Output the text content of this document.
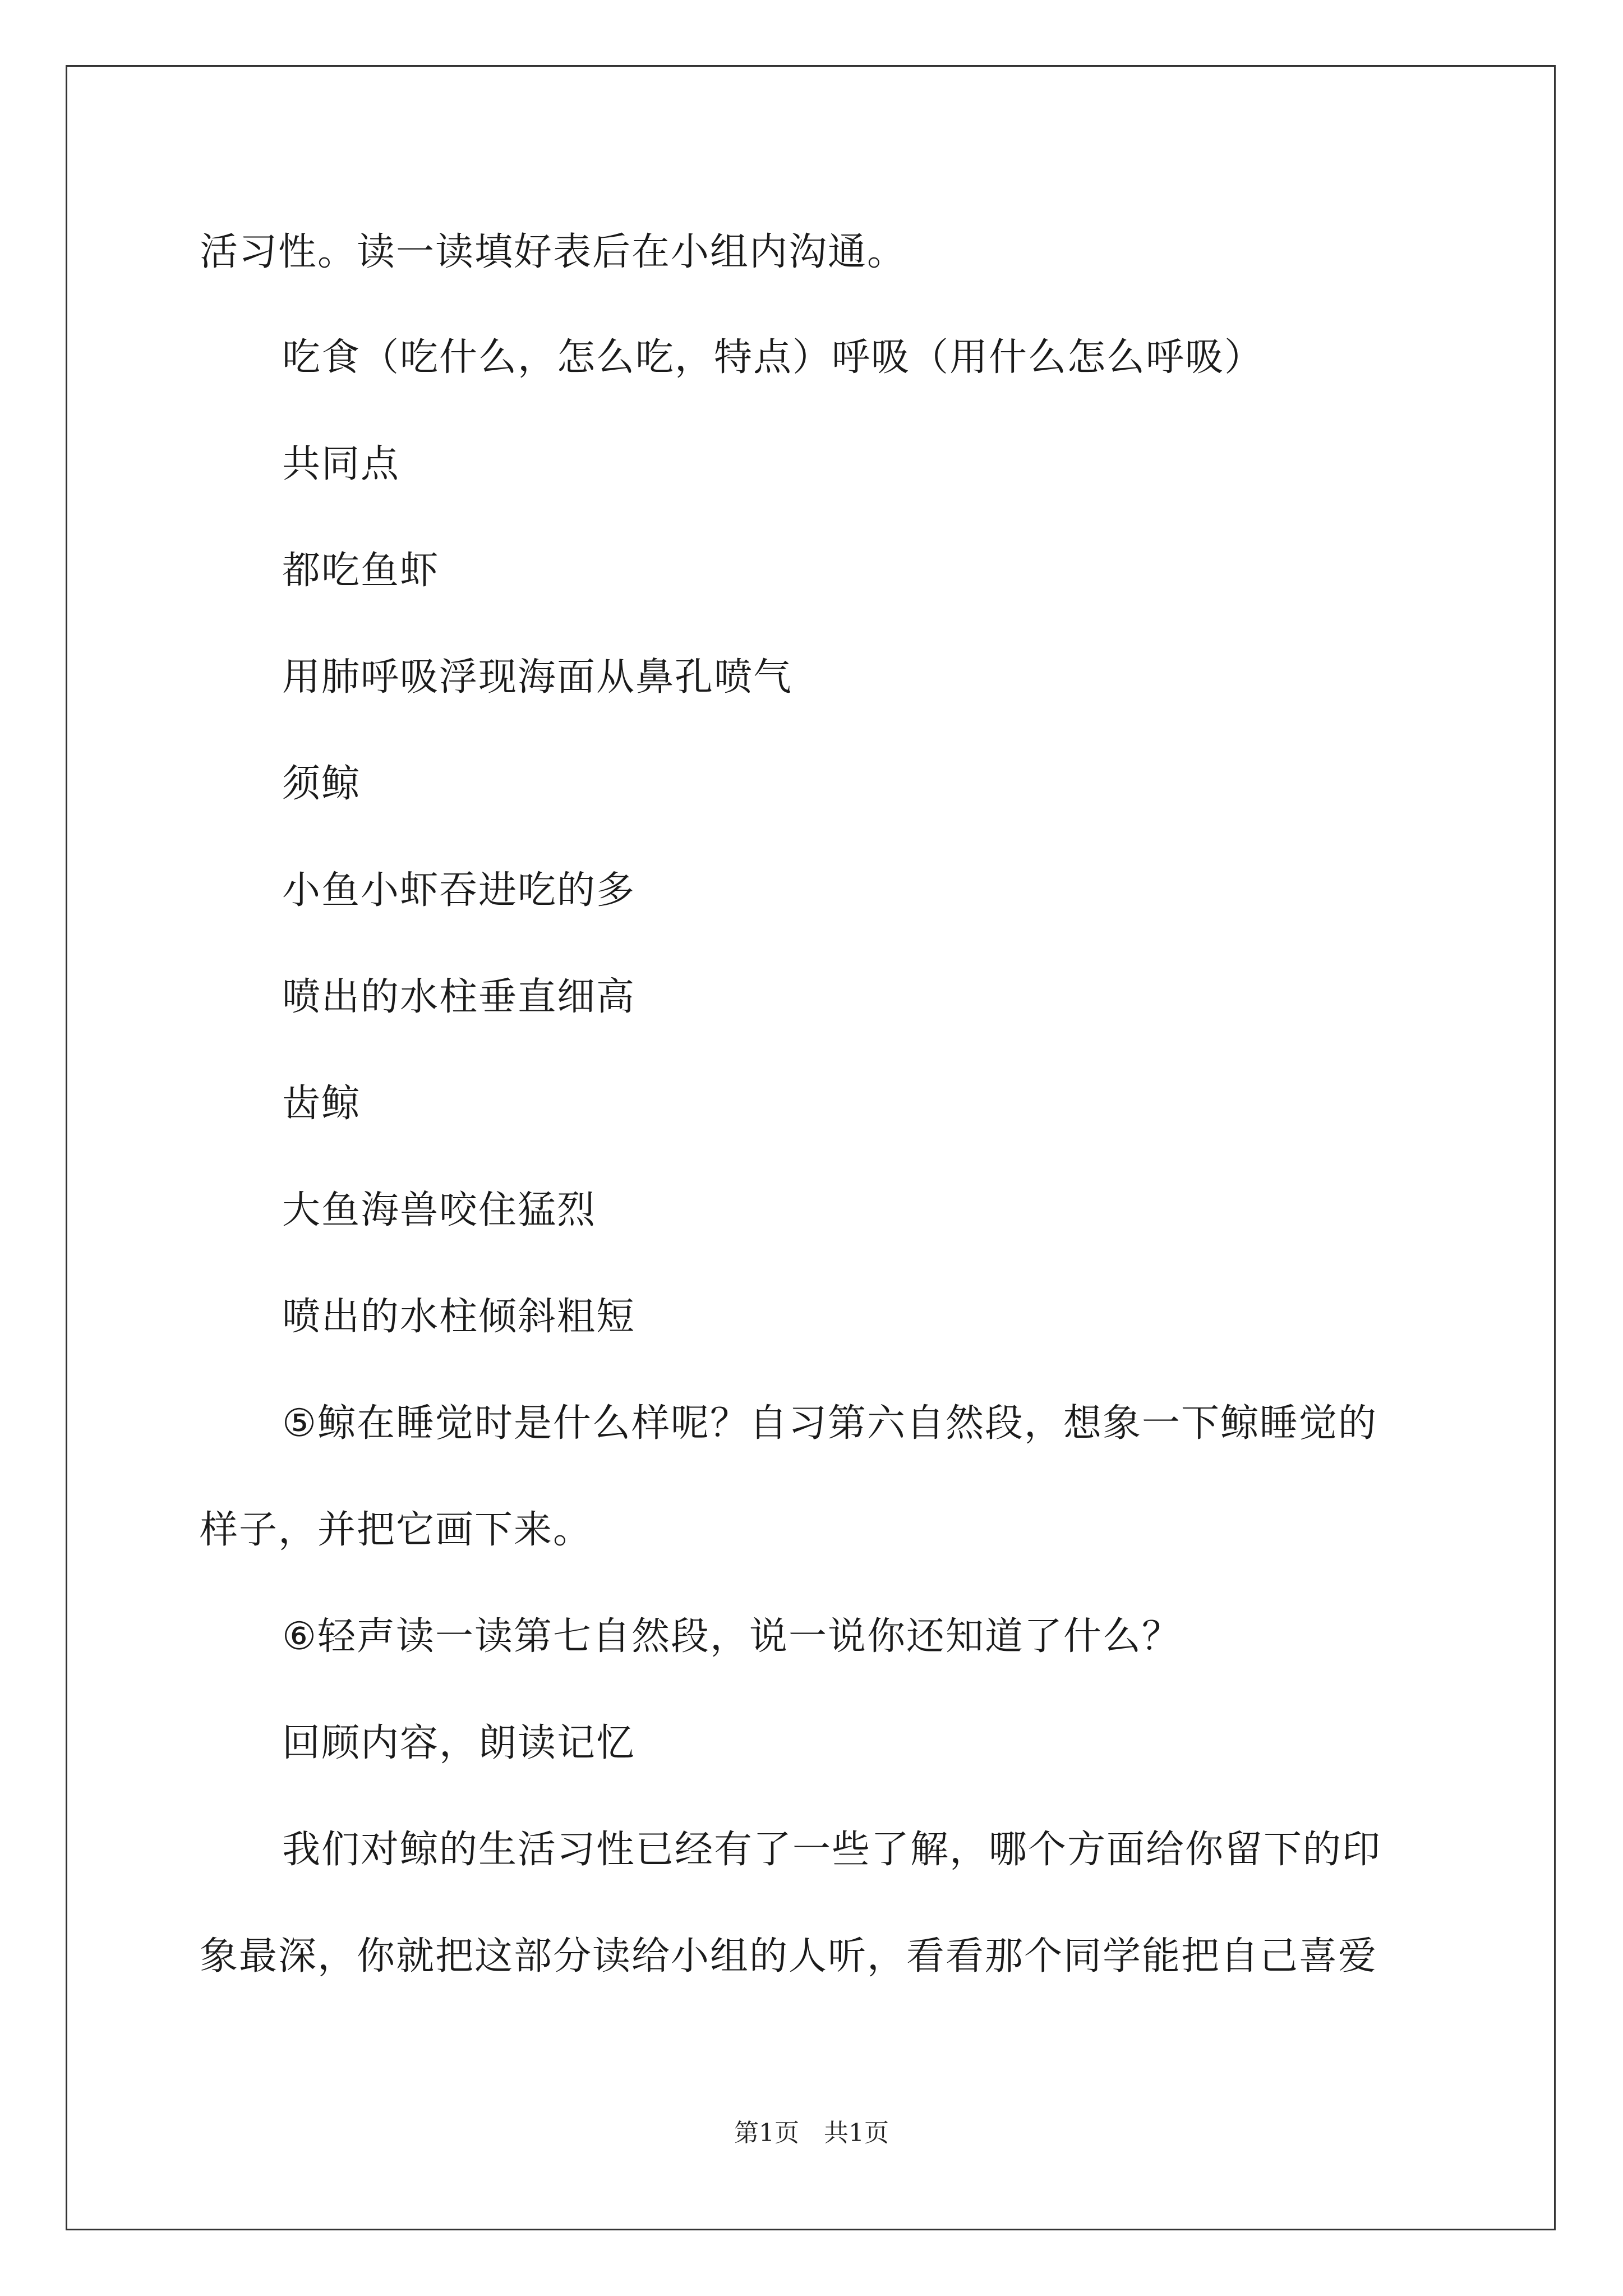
活习性。读一读填好表后在小组内沟通。
吃食（吃什么，怎么吃，特点）呼吸（用什么怎么呼吸）
共同点
都吃鱼虾
用肺呼吸浮现海面从鼻孔喷气
须鲸
小鱼小虾吞进吃的多
喷出的水柱垂直细高
齿鲸
大鱼海兽咬住猛烈
喷出的水柱倾斜粗短
⑤鲸在睡觉时是什么样呢？自习第六自然段，想象一下鲸睡觉的
样子，并把它画下来。
⑥轻声读一读第七自然段，说一说你还知道了什么？
回顾内容，朗读记忆
我们对鲸的生活习性已经有了一些了解，哪个方面给你留下的印
象最深，你就把这部分读给小组的人听，看看那个同学能把自己喜爱
第1页　共1页
